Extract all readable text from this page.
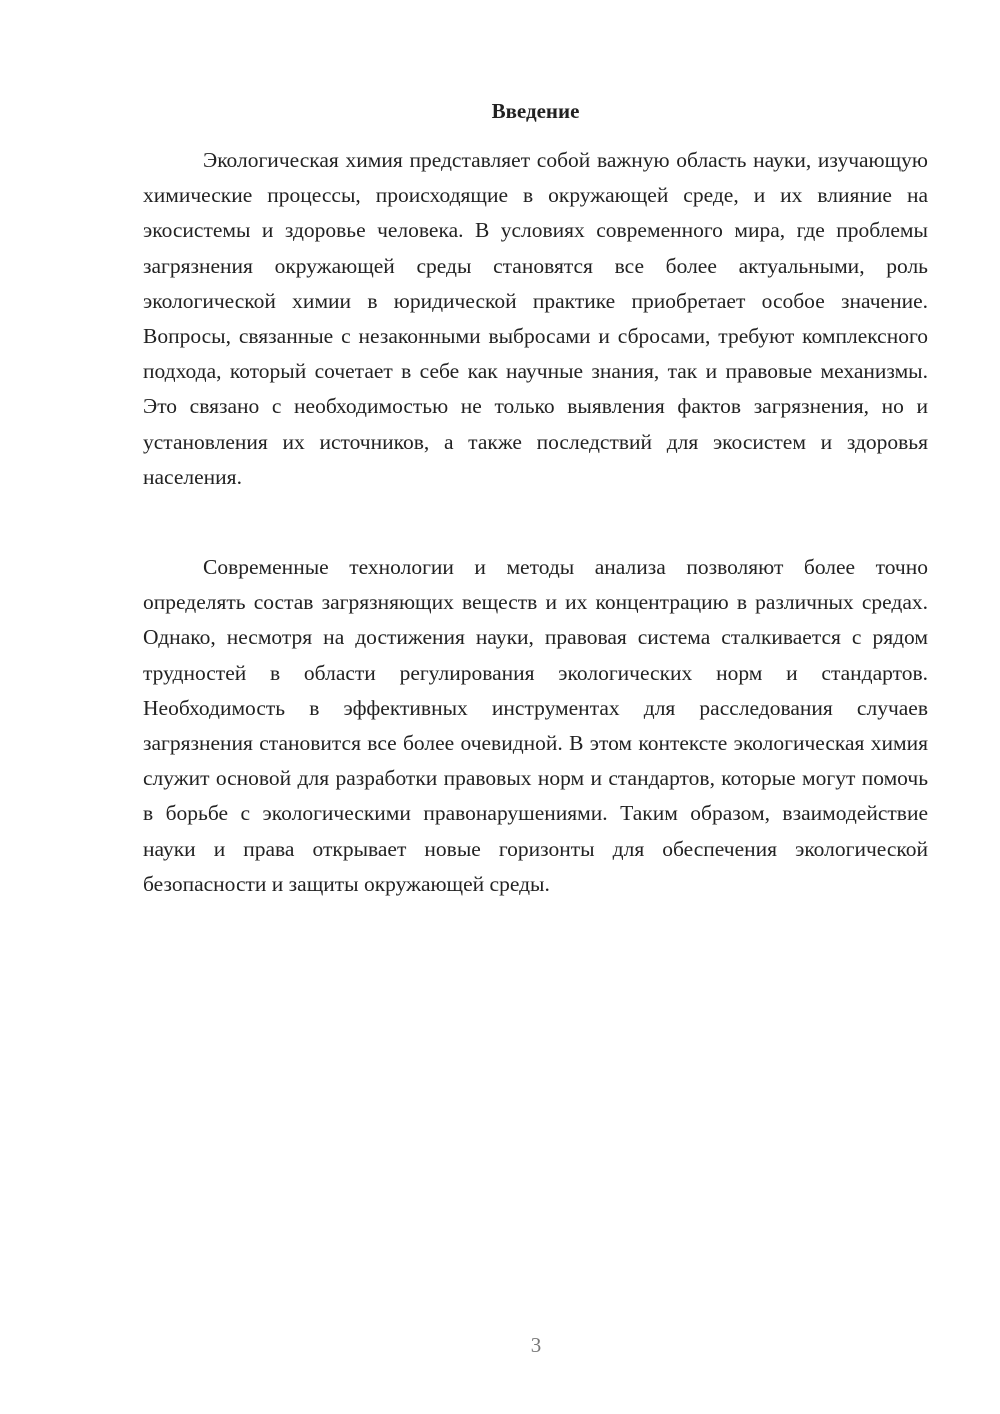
Введение

Экологическая химия представляет собой важную область науки, изучающую химические процессы, происходящие в окружающей среде, и их влияние на экосистемы и здоровье человека. В условиях современного мира, где проблемы загрязнения окружающей среды становятся все более актуальными, роль экологической химии в юридической практике приобретает особое значение. Вопросы, связанные с незаконными выбросами и сбросами, требуют комплексного подхода, который сочетает в себе как научные знания, так и правовые механизмы. Это связано с необходимостью не только выявления фактов загрязнения, но и установления их источников, а также последствий для экосистем и здоровья населения.

Современные технологии и методы анализа позволяют более точно определять состав загрязняющих веществ и их концентрацию в различных средах. Однако, несмотря на достижения науки, правовая система сталкивается с рядом трудностей в области регулирования экологических норм и стандартов. Необходимость в эффективных инструментах для расследования случаев загрязнения становится все более очевидной. В этом контексте экологическая химия служит основой для разработки правовых норм и стандартов, которые могут помочь в борьбе с экологическими правонарушениями. Таким образом, взаимодействие науки и права открывает новые горизонты для обеспечения экологической безопасности и защиты окружающей среды.

3
